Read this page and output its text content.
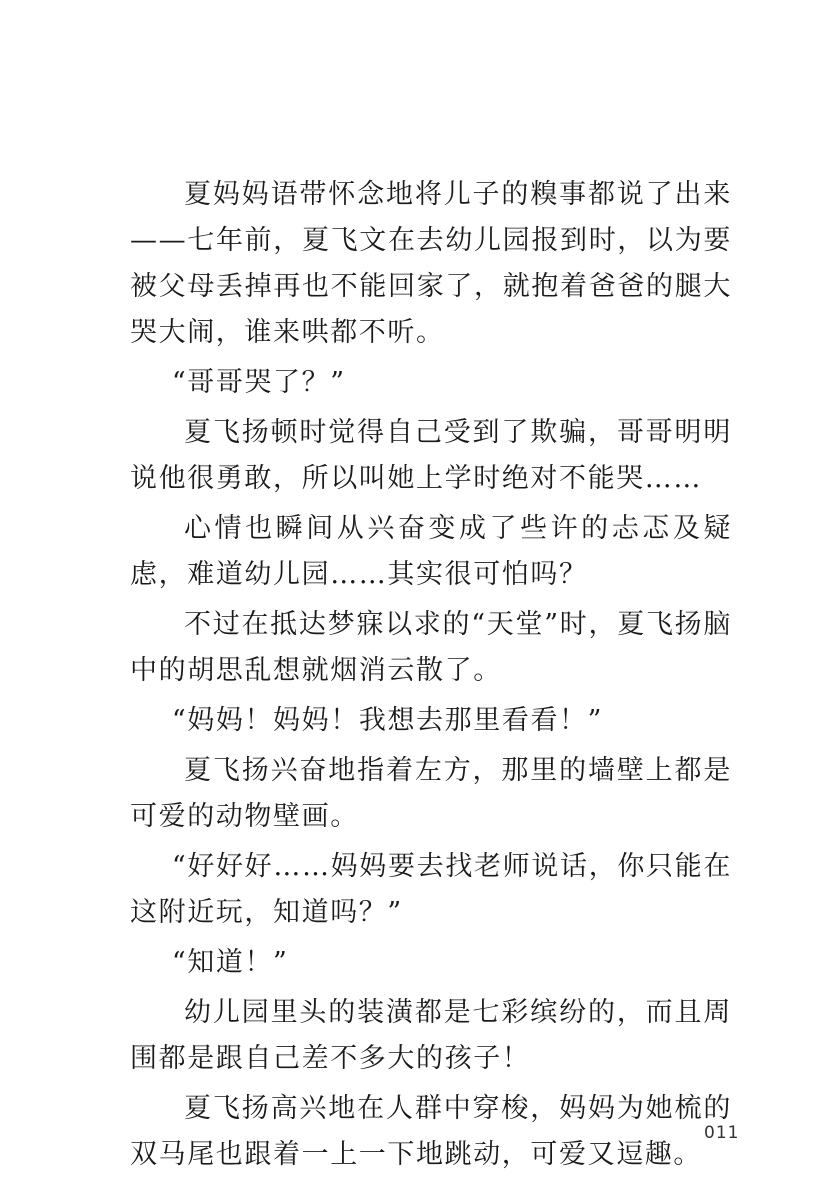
夏妈妈语带怀念地将儿子的糗事都说了出来——七年前，夏飞文在去幼儿园报到时，以为要被父母丢掉再也不能回家了，就抱着爸爸的腿大哭大闹，谁来哄都不听。

“哥哥哭了？”

夏飞扬顿时觉得自己受到了欺骗，哥哥明明说他很勇敢，所以叫她上学时绝对不能哭……

心情也瞬间从兴奋变成了些许的忐忑及疑虑，难道幼儿园……其实很可怕吗？

不过在抵达梦寐以求的“天堂”时，夏飞扬脑中的胡思乱想就烟消云散了。

“妈妈！妈妈！我想去那里看看！”

夏飞扬兴奋地指着左方，那里的墙壁上都是可爱的动物壁画。

“好好好……妈妈要去找老师说话，你只能在这附近玩，知道吗？”

“知道！”

幼儿园里头的装潢都是七彩缤纷的，而且周围都是跟自己差不多大的孩子！

夏飞扬高兴地在人群中穿梭，妈妈为她梳的双马尾也跟着一上一下地跳动，可爱又逗趣。

011
